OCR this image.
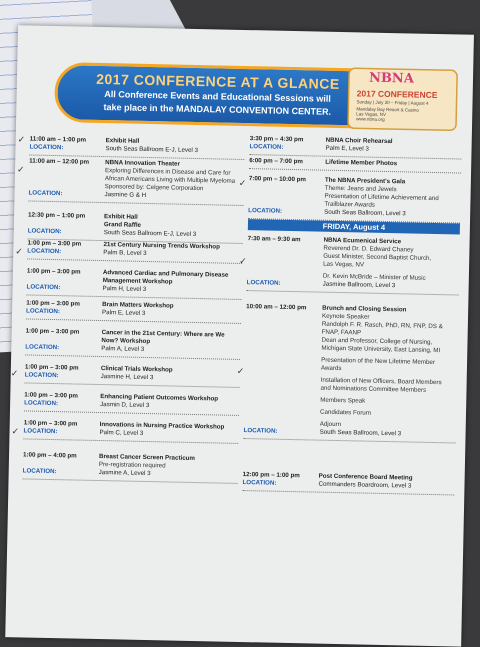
2017 CONFERENCE AT A GLANCE
All Conference Events and Educational Sessions will
take place in the MANDALAY CONVENTION CENTER.
NBNA
2017 CONFERENCE
Sunday | July 30 – Friday | August 4
Mandalay Bay Resort & Casino
Las Vegas, NV
www.nbna.org
11:00 am – 1:00 pm	Exhibit Hall
LOCATION:	South Seas Ballroom E-J, Level 3
11:00 am – 12:00 pm	NBNA Innovation Theater
Exploring Differences in Disease and Care for
African Americans Living with Multiple Myeloma
Sponsored by: Celgene Corporation
LOCATION:	Jasmine G & H
12:30 pm – 1:00 pm	Exhibit Hall
Grand Raffle
LOCATION:	South Seas Ballroom E-J, Level 3
1:00 pm – 3:00 pm	21st Century Nursing Trends Workshop
LOCATION:	Palm B, Level 3
1:00 pm – 3:00 pm	Advanced Cardiac and Pulmonary Disease
Management Workshop
LOCATION:	Palm H, Level 3
1:00 pm – 3:00 pm	Brain Matters Workshop
LOCATION:	Palm E, Level 3
1:00 pm – 3:00 pm	Cancer in the 21st Century: Where are We
Now? Workshop
LOCATION:	Palm A, Level 3
1:00 pm – 3:00 pm	Clinical Trials Workshop
LOCATION:	Jasmine H, Level 3
1:00 pm – 3:00 pm	Enhancing Patient Outcomes Workshop
LOCATION:	Jasmin D, Level 3
1:00 pm – 3:00 pm	Innovations in Nursing Practice Workshop
LOCATION:	Palm C, Level 3
1:00 pm – 4:00 pm	Breast Cancer Screen Practicum
Pre-registration required
LOCATION:	Jasmine A, Level 3
✓
✓
✓
✓
✓
3:30 pm – 4:30 pm	NBNA Choir Rehearsal
LOCATION:	Palm E, Level 3
6:00 pm – 7:00 pm	Lifetime Member Photos
7:00 pm – 10:00 pm	The NBNA President's Gala
Theme: Jeans and Jewels
Presentation of Lifetime Achievement and
Trailblazer Awards
LOCATION:	South Seas Ballroom, Level 3
FRIDAY, August 4
7:30 am – 9:30 am	NBNA Ecumenical Service
Reverend Dr. D. Edward Chaney
Guest Minister, Second Baptist Church,
Las Vegas, NV
Dr. Kevin McBride – Minister of Music
LOCATION:	Jasmine Ballroom, Level 3
10:00 am – 12:00 pm	Brunch and Closing Session
Keynote Speaker
Randolph F. R. Rasch, PhD, RN, FNP, DS &
FNAP, FAANP
Dean and Professor, College of Nursing,
Michigan State University, East Lansing, MI
Presentation of the New Lifetime Member
Awards
Installation of New Officers, Board Members
and Nominations Committee Members
Members Speak
Candidates Forum
Adjourn
LOCATION:	South Seas Ballroom, Level 3
12:00 pm – 1:00 pm	Post Conference Board Meeting
LOCATION:	Commanders Boardroom, Level 3
✓
✓
✓
